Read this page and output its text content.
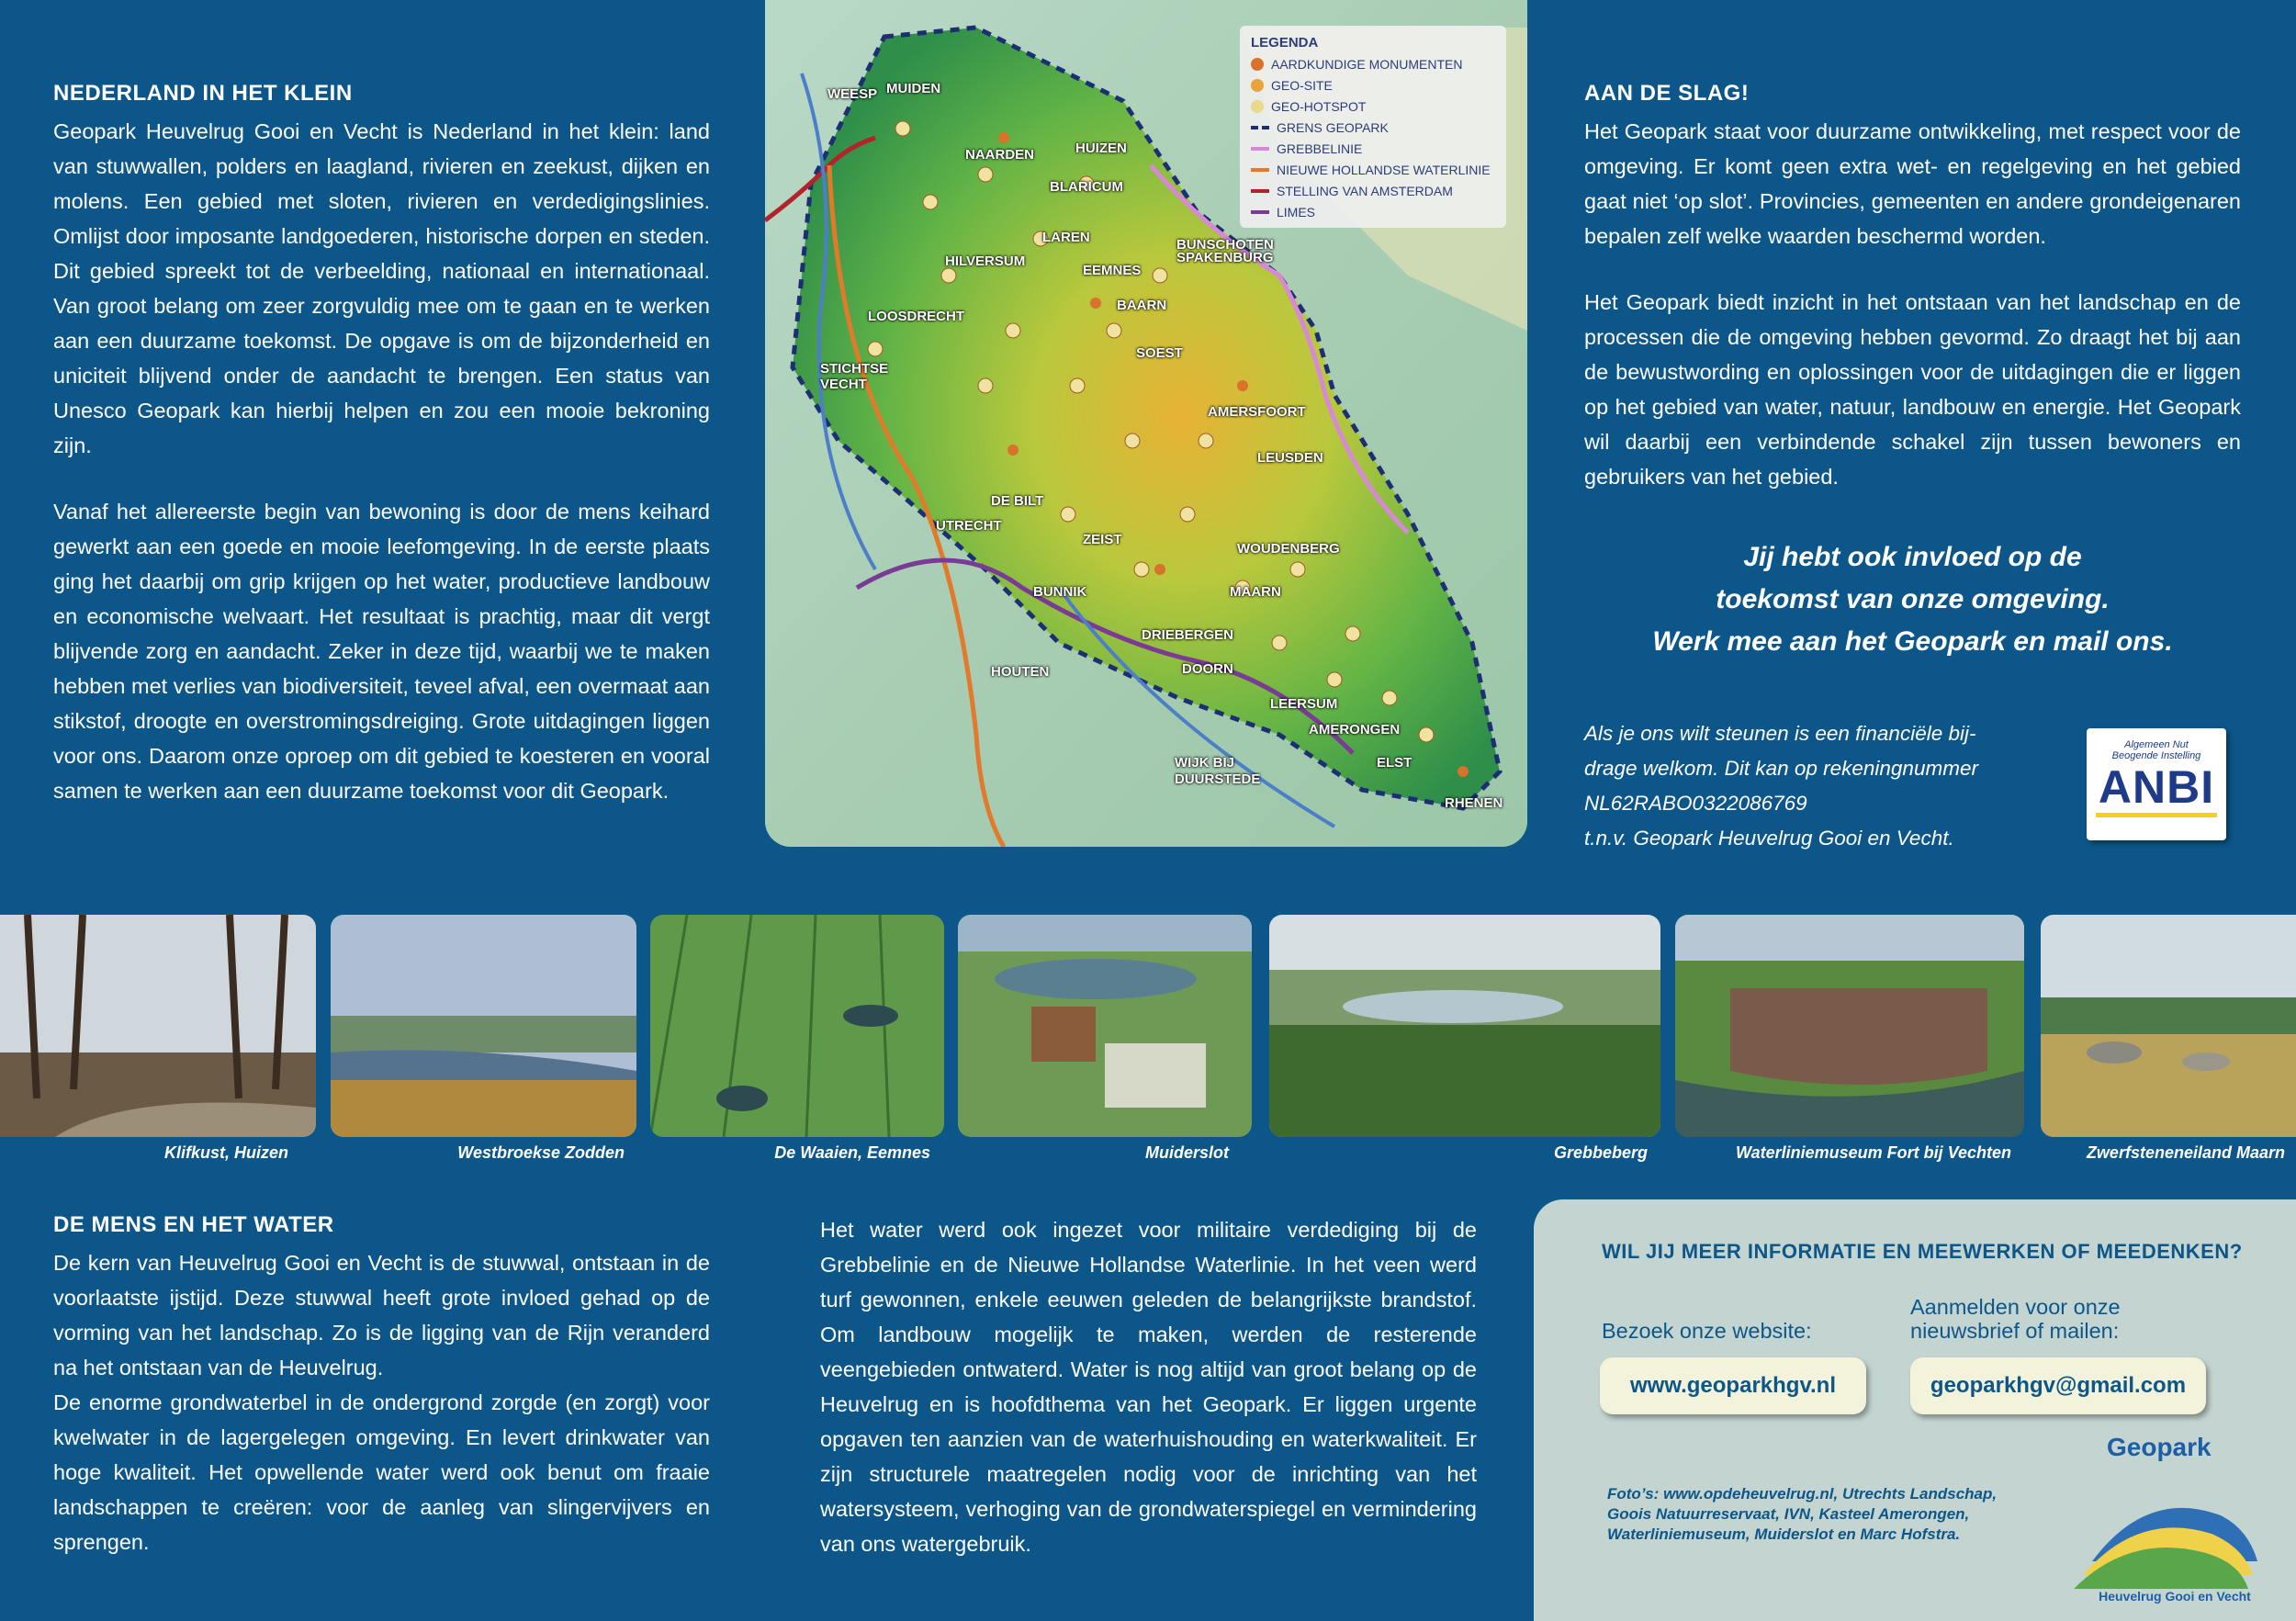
NEDERLAND IN HET KLEIN

Geopark Heuvelrug Gooi en Vecht is Nederland in het klein: land van stuwwallen, polders en laagland, rivieren en zeekust, dijken en molens. Een gebied met sloten, rivieren en verdedigingslinies. Omlijst door imposante landgoederen, historische dorpen en steden. Dit gebied spreekt tot de verbeelding, nationaal en internationaal. Van groot belang om zeer zorgvuldig mee om te gaan en te werken aan een duurzame toekomst. De opgave is om de bijzonderheid en uniciteit blijvend onder de aandacht te brengen. Een status van Unesco Geopark kan hierbij helpen en zou een mooie bekroning zijn.

Vanaf het allereerste begin van bewoning is door de mens keihard gewerkt aan een goede en mooie leefomgeving. In de eerste plaats ging het daarbij om grip krijgen op het water, productieve landbouw en economische welvaart. Het resultaat is prachtig, maar dit vergt blijvende zorg en aandacht. Zeker in deze tijd, waarbij we te maken hebben met verlies van biodiversiteit, teveel afval, een overmaat aan stikstof, droogte en overstromingsdreiging. Grote uitdagingen liggen voor ons. Daarom onze oproep om dit gebied te koesteren en vooral samen te werken aan een duurzame toekomst voor dit Geopark.

LEGENDA
AARDKUNDIGE MONUMENTEN
GEO-SITE
GEO-HOTSPOT
GRENS GEOPARK
GREBBELINIE
NIEUWE HOLLANDSE WATERLINIE
STELLING VAN AMSTERDAM
LIMES
WEESP MUIDEN
NAARDEN	HUIZEN
BLARICUM
LAREN	BUNSCHOTEN
SPAKENBURG
HILVERSUM
EEMNES
BAARN
LOOSDRECHT
SOEST
STICHTSE
VECHT
AMERSFOORT
LEUSDEN
DE BILT
UTRECHT
ZEIST
WOUDENBERG
BUNNIK	MAARN
DRIEBERGEN
DOORN
HOUTEN
LEERSUM
AMERONGEN
ELST
WIJK BIJ
DUURSTEDE
RHENEN
AAN DE SLAG!

Het Geopark staat voor duurzame ontwikkeling, met respect voor de omgeving. Er komt geen extra wet- en regelgeving en het gebied gaat niet ‘op slot’. Provincies, gemeenten en andere grondeigenaren bepalen zelf welke waarden beschermd worden.

Het Geopark biedt inzicht in het ontstaan van het landschap en de processen die de omgeving hebben gevormd. Zo draagt het bij aan de bewustwording en oplossingen voor de uitdagingen die er liggen op het gebied van water, natuur, landbouw en energie. Het Geopark wil daarbij een verbindende schakel zijn tussen bewoners en gebruikers van het gebied.

Jij hebt ook invloed op de
toekomst van onze omgeving.
Werk mee aan het Geopark en mail ons.
Als je ons wilt steunen is een financiële bij-
drage welkom. Dit kan op rekeningnummer
NL62RABO0322086769
t.n.v. Geopark Heuvelrug Gooi en Vecht.
Algemeen Nut
Beogende Instelling
ANBI
Klifkust, Huizen	Westbroekse Zodden	De Waaien, Eemnes	Muiderslot	Grebbeberg	Waterliniemuseum Fort bij Vechten	Zwerfsteneneiland Maarn
DE MENS EN HET WATER
De kern van Heuvelrug Gooi en Vecht is de stuwwal, ontstaan in de voorlaatste ijstijd. Deze stuwwal heeft grote invloed gehad op de vorming van het landschap. Zo is de ligging van de Rijn veranderd na het ontstaan van de Heuvelrug.
De enorme grondwaterbel in de ondergrond zorgde (en zorgt) voor kwelwater in de lagergelegen omgeving. En levert drinkwater van hoge kwaliteit. Het opwellende water werd ook benut om fraaie landschappen te creëren: voor de aanleg van slingervijvers en sprengen.
Het water werd ook ingezet voor militaire verdediging bij de Grebbelinie en de Nieuwe Hollandse Waterlinie. In het veen werd turf gewonnen, enkele eeuwen geleden de belangrijkste brandstof. Om landbouw mogelijk te maken, werden de resterende veengebieden ontwaterd. Water is nog altijd van groot belang op de Heuvelrug en is hoofdthema van het Geopark. Er liggen urgente opgaven ten aanzien van de waterhuishouding en waterkwaliteit. Er zijn structurele maatregelen nodig voor de inrichting van het watersysteem, verhoging van de grondwaterspiegel en vermindering van ons watergebruik.
WIL JIJ MEER INFORMATIE EN MEEWERKEN OF MEEDENKEN?
Bezoek onze website:
Aanmelden voor onze
nieuwsbrief of mailen:
www.geoparkhgv.nl	geoparkhgv@gmail.com
Foto’s: www.opdeheuvelrug.nl, Utrechts Landschap,
Goois Natuurreservaat, IVN, Kasteel Amerongen,
Waterliniemuseum, Muiderslot en Marc Hofstra.
Geopark
Heuvelrug Gooi en Vecht
